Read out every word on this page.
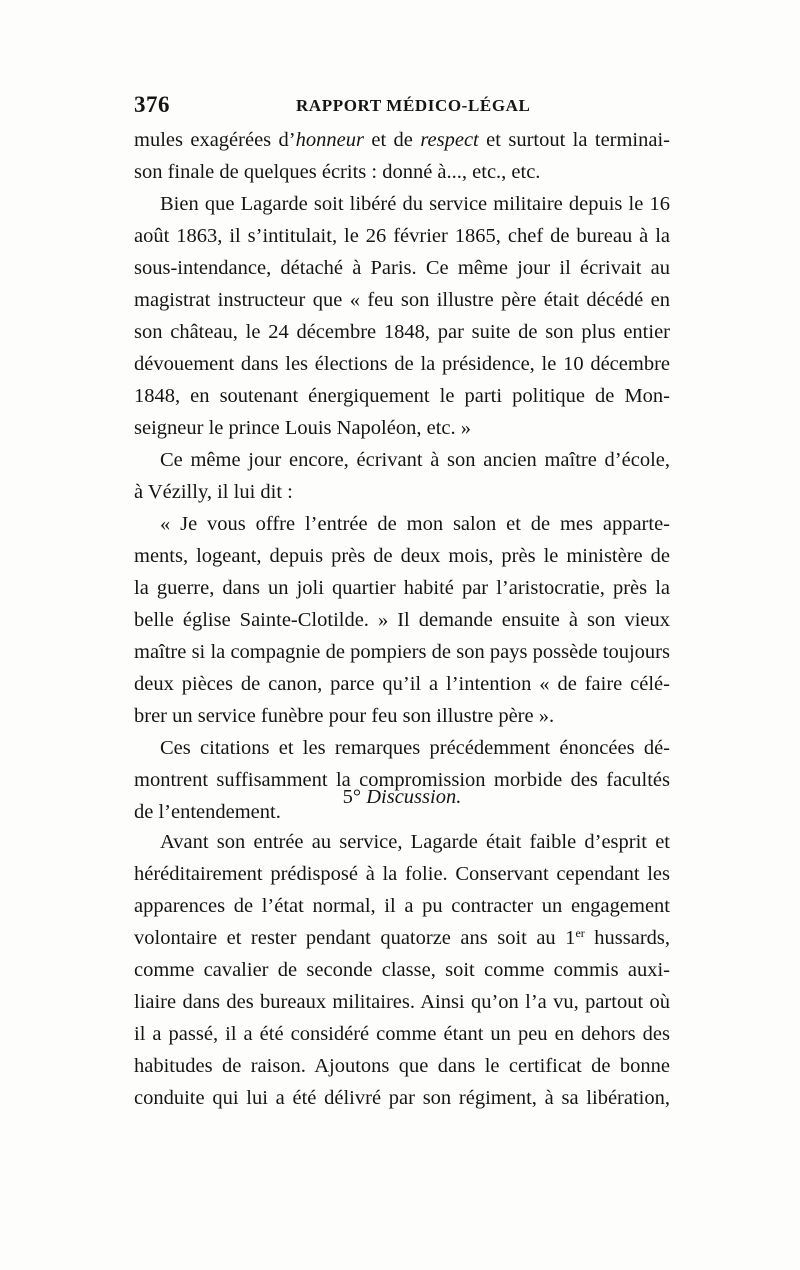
376	RAPPORT MÉDICO-LÉGAL
mules exagérées d’honneur et de respect et surtout la terminai-
son finale de quelques écrits : donné à..., etc., etc.
Bien que Lagarde soit libéré du service militaire depuis le 16
août 1863, il s’intitulait, le 26 février 1865, chef de bureau à la
sous-intendance, détaché à Paris. Ce même jour il écrivait au
magistrat instructeur que « feu son illustre père était décédé en
son château, le 24 décembre 1848, par suite de son plus entier
dévouement dans les élections de la présidence, le 10 décembre
1848, en soutenant énergiquement le parti politique de Mon-
seigneur le prince Louis Napoléon, etc. »
Ce même jour encore, écrivant à son ancien maître d’école,
à Vézilly, il lui dit :
« Je vous offre l’entrée de mon salon et de mes apparte-
ments, logeant, depuis près de deux mois, près le ministère de
la guerre, dans un joli quartier habité par l’aristocratie, près la
belle église Sainte-Clotilde. » Il demande ensuite à son vieux
maître si la compagnie de pompiers de son pays possède toujours
deux pièces de canon, parce qu’il a l’intention « de faire célé-
brer un service funèbre pour feu son illustre père ».
Ces citations et les remarques précédemment énoncées dé-
montrent suffisamment la compromission morbide des facultés
de l’entendement.
5° Discussion.
Avant son entrée au service, Lagarde était faible d’esprit et
héréditairement prédisposé à la folie. Conservant cependant les
apparences de l’état normal, il a pu contracter un engagement
volontaire et rester pendant quatorze ans soit au 1er hussards,
comme cavalier de seconde classe, soit comme commis auxi-
liaire dans des bureaux militaires. Ainsi qu’on l’a vu, partout où
il a passé, il a été considéré comme étant un peu en dehors des
habitudes de raison. Ajoutons que dans le certificat de bonne
conduite qui lui a été délivré par son régiment, à sa libération,
